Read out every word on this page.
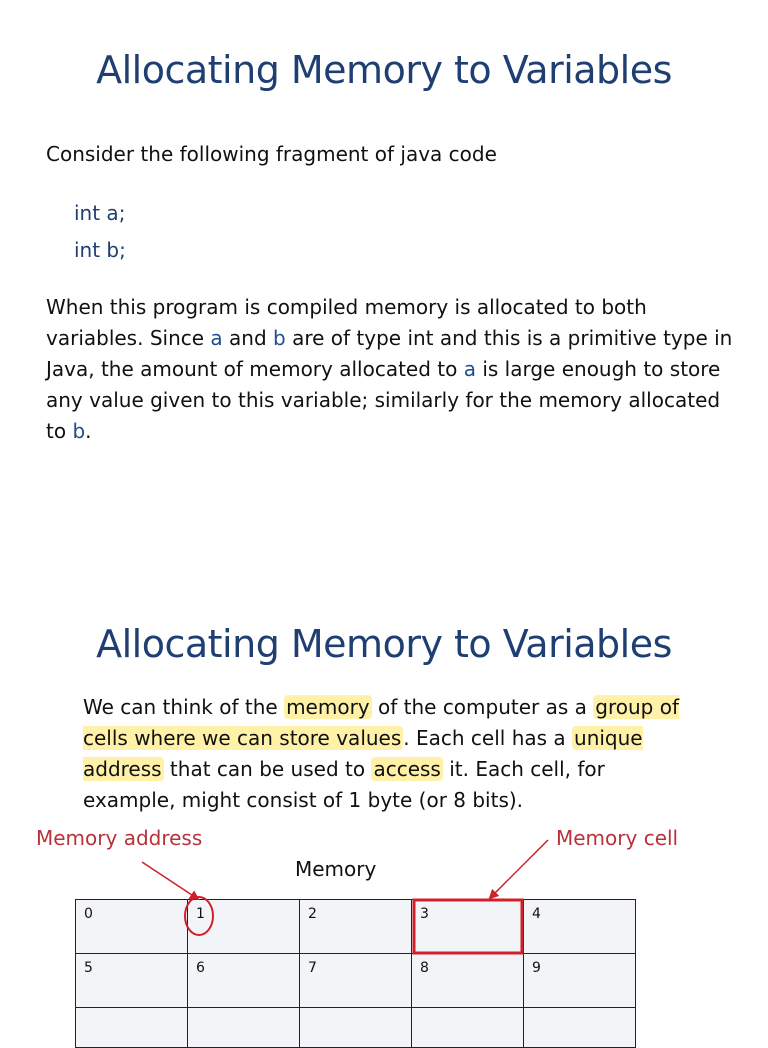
Allocating Memory to Variables

Consider the following fragment of java code

int a;

int b;

When this program is compiled memory is allocated to both variables. Since a and b are of type int and this is a primitive type in Java, the amount of memory allocated to a is large enough to store any value given to this variable; similarly for the memory allocated to b.

Allocating Memory to Variables

We can think of the memory of the computer as a group of cells where we can store values . Each cell has a unique address that can be used to access it. Each cell, for example, might consist of 1 byte (or 8 bits).

Memory address	Memory cell
Memory
0	1	2	3	4
5	6	7	8	9
